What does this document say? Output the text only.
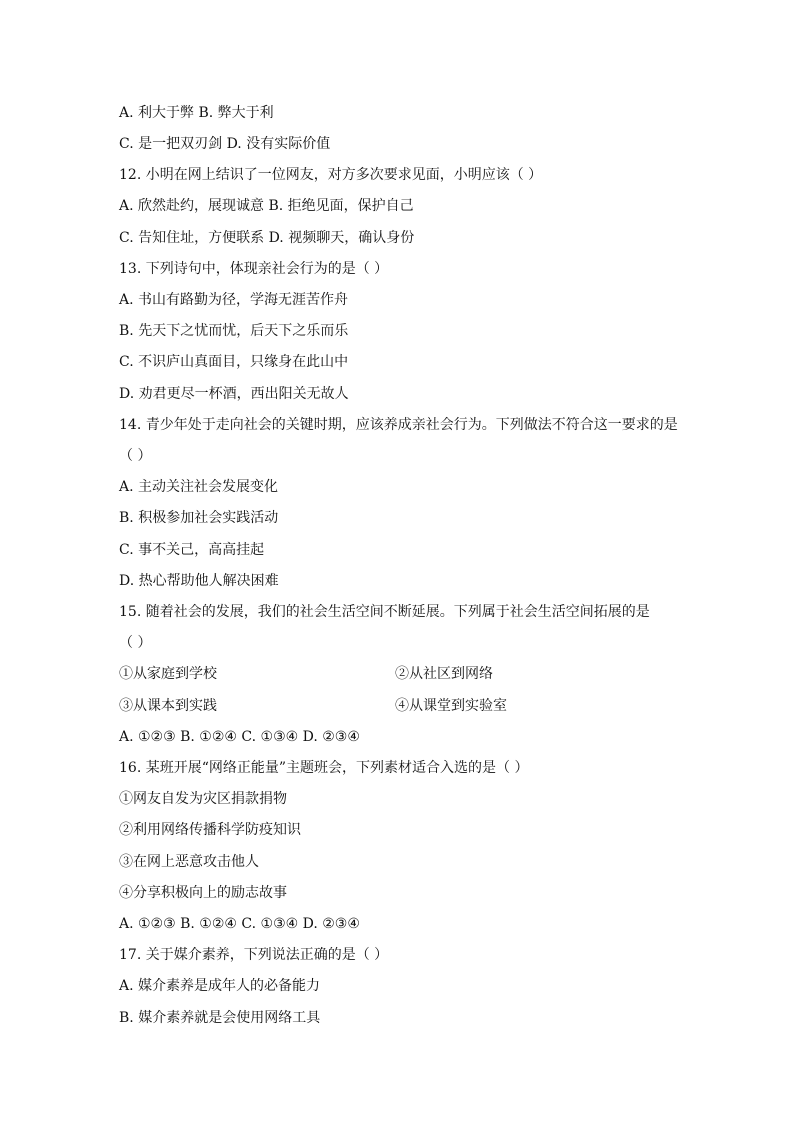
A. 利大于弊 B. 弊大于利
C. 是一把双刃剑 D. 没有实际价值
12. 小明在网上结识了一位网友，对方多次要求见面，小明应该（ ）
A. 欣然赴约，展现诚意 B. 拒绝见面，保护自己
C. 告知住址，方便联系 D. 视频聊天，确认身份
13. 下列诗句中，体现亲社会行为的是（ ）
A. 书山有路勤为径，学海无涯苦作舟
B. 先天下之忧而忧，后天下之乐而乐
C. 不识庐山真面目，只缘身在此山中
D. 劝君更尽一杯酒，西出阳关无故人
14. 青少年处于走向社会的关键时期，应该养成亲社会行为。下列做法不符合这一要求的是
（ ）
A. 主动关注社会发展变化
B. 积极参加社会实践活动
C. 事不关己，高高挂起
D. 热心帮助他人解决困难
15. 随着社会的发展，我们的社会生活空间不断延展。下列属于社会生活空间拓展的是
（ ）
①从家庭到学校	②从社区到网络
③从课本到实践	④从课堂到实验室
A. ①②③ B. ①②④ C. ①③④ D. ②③④
16. 某班开展“网络正能量”主题班会，下列素材适合入选的是（ ）
①网友自发为灾区捐款捐物
②利用网络传播科学防疫知识
③在网上恶意攻击他人
④分享积极向上的励志故事
A. ①②③ B. ①②④ C. ①③④ D. ②③④
17. 关于媒介素养，下列说法正确的是（ ）
A. 媒介素养是成年人的必备能力
B. 媒介素养就是会使用网络工具
